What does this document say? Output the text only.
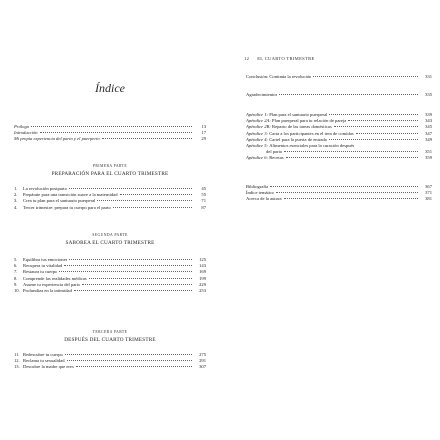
Índice
Prólogo	13
Introducción	17
Mi propia experiencia del parto y el puerperio	29
PRIMERA PARTE
PREPARACIÓN PARA EL CUARTO TRIMESTRE
1.	La revolución postparto	45
2.	Prepárate para una transición suave a la maternidad	55
3.	Crea tu plan para el santuario puerperal	71
4.	Tercer trimestre: prepara tu cuerpo para el parto	87
SEGUNDA PARTE
SABOREA EL CUARTO TRIMESTRE
5.	Equilibra tus emociones	125
6.	Recupera tu vitalidad	143
7.	Restaura tu cuerpo	169
8.	Comprende las realidades médicas	199
9.	Asume tu experiencia del parto	229
10. Profundiza en la intimidad	253
TERCERA PARTE
DESPUÉS DEL CUARTO TRIMESTRE
11. Redescubre tu cuerpo	275
12. Reclama tu sexualidad	291
13. Descubre la madre que eres	307
12 EL CUARTO TRIMESTRE
Conclusión: Continúa la revolución	331
Agradecimientos	335
Apéndice 1: Plan para el santuario puerperal	339
Apéndice 2A: Plan puerperal para tu relación de pareja	343
Apéndice 2B: Reparto de las tareas domésticas	345
Apéndice 3: Carta a los participantes en el tren de comidas	347
Apéndice 4: Cartel para la puerta de entrada	349
Apéndice 5: Alimentos esenciales para la curación después
del parto	351
Apéndice 6: Recetas	359
Bibliografía	367
Índice temático	371
Acerca de la autora	381
